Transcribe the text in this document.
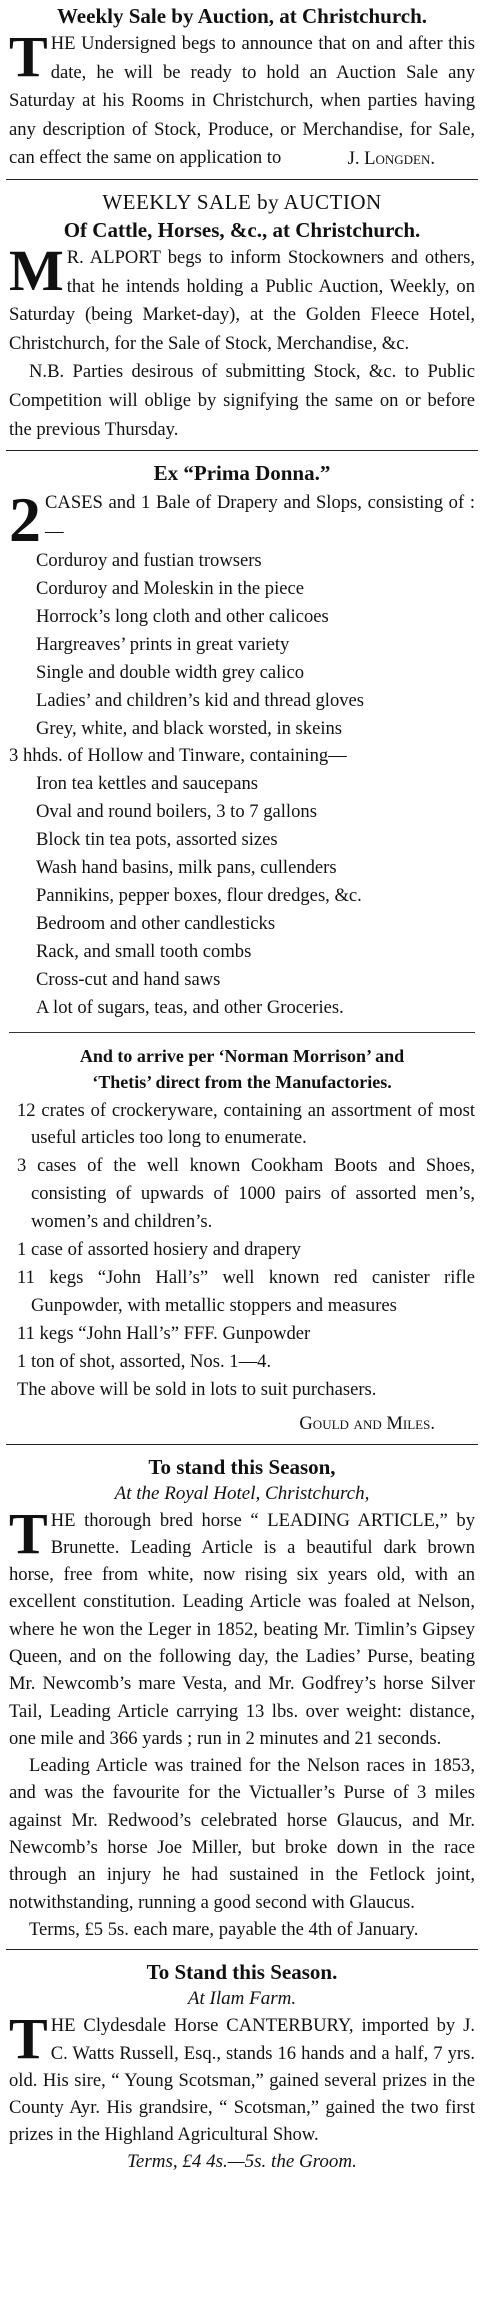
Weekly Sale by Auction, at Christchurch.

THE Undersigned begs to announce that on and after this date, he will be ready to hold an Auction Sale any Saturday at his Rooms in Christchurch, when parties having any description of Stock, Produce, or Merchandise, for Sale, can effect the same on application to	J. Longden.

WEEKLY SALE by AUCTION

Of Cattle, Horses, &c., at Christchurch.

MR. ALPORT begs to inform Stockowners and others, that he intends holding a Public Auction, Weekly, on Saturday (being Market-day), at the Golden Fleece Hotel, Christchurch, for the Sale of Stock, Merchandise, &c.

N.B. Parties desirous of submitting Stock, &c. to Public Competition will oblige by signifying the same on or before the previous Thursday.

Ex “Prima Donna.”

2 CASES and 1 Bale of Drapery and Slops, consisting of :—

Corduroy and fustian trowsers
Corduroy and Moleskin in the piece
Horrock’s long cloth and other calicoes
Hargreaves’ prints in great variety
Single and double width grey calico
Ladies’ and children’s kid and thread gloves
Grey, white, and black worsted, in skeins
3 hhds. of Hollow and Tinware, containing—
Iron tea kettles and saucepans
Oval and round boilers, 3 to 7 gallons
Block tin tea pots, assorted sizes
Wash hand basins, milk pans, cullenders
Pannikins, pepper boxes, flour dredges, &c.
Bedroom and other candlesticks
Rack, and small tooth combs
Cross-cut and hand saws
A lot of sugars, teas, and other Groceries.

And to arrive per ‘Norman Morrison’ and

‘Thetis’ direct from the Manufactories.

12 crates of crockeryware, containing an assortment of most useful articles too long to enumerate.

3 cases of the well known Cookham Boots and Shoes, consisting of upwards of 1000 pairs of assorted men’s, women’s and children’s.

1 case of assorted hosiery and drapery

11 kegs “John Hall’s” well known red canister rifle Gunpowder, with metallic stoppers and measures

11 kegs “John Hall’s” FFF. Gunpowder

1 ton of shot, assorted, Nos. 1—4.

The above will be sold in lots to suit purchasers.

Gould and Miles.

To stand this Season,

At the Royal Hotel, Christchurch,

THE thorough bred horse “ LEADING ARTICLE,” by Brunette. Leading Article is a beautiful dark brown horse, free from white, now rising six years old, with an excellent constitution. Leading Article was foaled at Nelson, where he won the Leger in 1852, beating Mr. Timlin’s Gipsey Queen, and on the following day, the Ladies’ Purse, beating Mr. Newcomb’s mare Vesta, and Mr. Godfrey’s horse Silver Tail, Leading Article carrying 13 lbs. over weight: distance, one mile and 366 yards ; run in 2 minutes and 21 seconds.

Leading Article was trained for the Nelson races in 1853, and was the favourite for the Victualler’s Purse of 3 miles against Mr. Redwood’s celebrated horse Glaucus, and Mr. Newcomb’s horse Joe Miller, but broke down in the race through an injury he had sustained in the Fetlock joint, notwithstanding, running a good second with Glaucus.

Terms, £5 5s. each mare, payable the 4th of January.

To Stand this Season.

At Ilam Farm.

THE Clydesdale Horse CANTERBURY, imported by J. C. Watts Russell, Esq., stands 16 hands and a half, 7 yrs. old. His sire, “ Young Scotsman,” gained several prizes in the County Ayr. His grandsire, “ Scotsman,” gained the two first prizes in the Highland Agricultural Show.

Terms, £4 4s.—5s. the Groom.
